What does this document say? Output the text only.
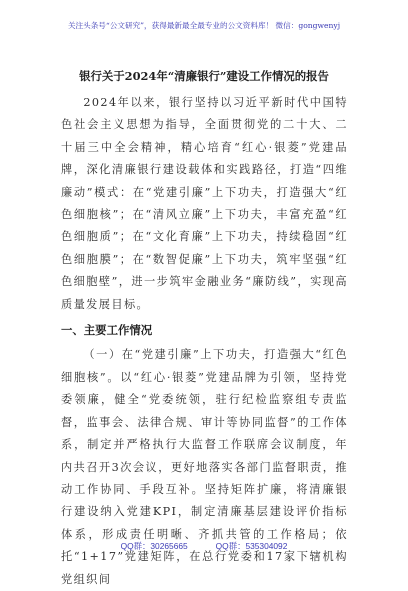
关注头条号“公文研究”，获得最新最全最专业的公文资料库！ 微信：gongwenyj
银行关于2024年“清廉银行”建设工作情况的报告

2024年以来，银行坚持以习近平新时代中国特色社会主义思想为指导，全面贯彻党的二十大、二十届三中全会精神，精心培育“红心·银菱”党建品牌，深化清廉银行建设载体和实践路径，打造“四维廉动”模式：在“党建引廉”上下功夫，打造强大“红色细胞核”；在“清风立廉”上下功夫，丰富充盈“红色细胞质”；在“文化育廉”上下功夫，持续稳固“红色细胞膜”；在“数智促廉”上下功夫，筑牢坚强“红色细胞壁”，进一步筑牢金融业务“廉防线”，实现高质量发展目标。

一、主要工作情况

（一）在“党建引廉”上下功夫，打造强大“红色细胞核”。以“红心·银菱”党建品牌为引领，坚持党委领廉，健全“党委统领，驻行纪检监察组专责监督，监事会、法律合规、审计等协同监督”的工作体系，制定并严格执行大监督工作联席会议制度，年内共召开3次会议，更好地落实各部门监督职责，推动工作协同、手段互补。坚持矩阵扩廉，将清廉银行建设纳入党建KPI，制定清廉基层建设评价指标体系，形成责任明晰、齐抓共管的工作格局；依托“1+17”党建矩阵，在总行党委和17家下辖机构党组织间

QQ群：30265665	QQ群：535304092
